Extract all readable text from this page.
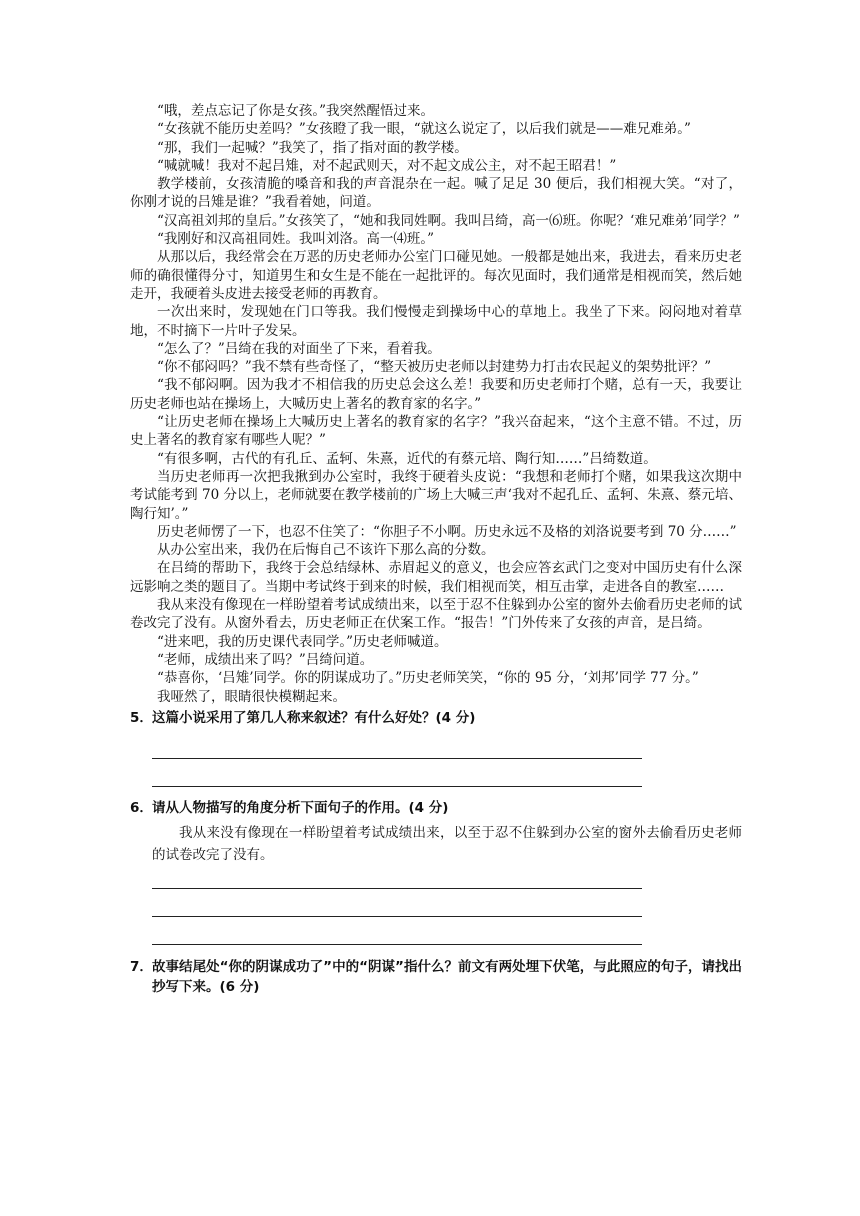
“哦，差点忘记了你是女孩。”我突然醒悟过来。

“女孩就不能历史差吗？”女孩瞪了我一眼，“就这么说定了，以后我们就是——难兄难弟。”

“那，我们一起喊？”我笑了，指了指对面的教学楼。

“喊就喊！我对不起吕雉，对不起武则天，对不起文成公主，对不起王昭君！”

教学楼前，女孩清脆的嗓音和我的声音混杂在一起。喊了足足 30 便后，我们相视大笑。“对了，你刚才说的吕雉是谁？”我看着她，问道。

“汉高祖刘邦的皇后。”女孩笑了，“她和我同姓啊。我叫吕绮，高一⑹班。你呢？‘难兄难弟’同学？”

“我刚好和汉高祖同姓。我叫刘洛。高一⑷班。”

从那以后，我经常会在万恶的历史老师办公室门口碰见她。一般都是她出来，我进去，看来历史老师的确很懂得分寸，知道男生和女生是不能在一起批评的。每次见面时，我们通常是相视而笑，然后她走开，我硬着头皮进去接受老师的再教育。

一次出来时，发现她在门口等我。我们慢慢走到操场中心的草地上。我坐了下来。闷闷地对着草地，不时摘下一片叶子发呆。

“怎么了？”吕绮在我的对面坐了下来，看着我。

“你不郁闷吗？”我不禁有些奇怪了，“整天被历史老师以封建势力打击农民起义的架势批评？”

“我不郁闷啊。因为我才不相信我的历史总会这么差！我要和历史老师打个赌，总有一天，我要让历史老师也站在操场上，大喊历史上著名的教育家的名字。”

“让历史老师在操场上大喊历史上著名的教育家的名字？”我兴奋起来，“这个主意不错。不过，历史上著名的教育家有哪些人呢？”

“有很多啊，古代的有孔丘、孟轲、朱熹，近代的有蔡元培、陶行知……”吕绮数道。

当历史老师再一次把我揪到办公室时，我终于硬着头皮说：“我想和老师打个赌，如果我这次期中考试能考到 70 分以上，老师就要在教学楼前的广场上大喊三声‘我对不起孔丘、孟轲、朱熹、蔡元培、陶行知’。”

历史老师愣了一下，也忍不住笑了：“你胆子不小啊。历史永远不及格的刘洛说要考到 70 分……”

从办公室出来，我仍在后悔自己不该许下那么高的分数。

在吕绮的帮助下，我终于会总结绿林、赤眉起义的意义，也会应答玄武门之变对中国历史有什么深远影响之类的题目了。当期中考试终于到来的时候，我们相视而笑，相互击掌，走进各自的教室……

我从来没有像现在一样盼望着考试成绩出来，以至于忍不住躲到办公室的窗外去偷看历史老师的试卷改完了没有。从窗外看去，历史老师正在伏案工作。“报告！”门外传来了女孩的声音，是吕绮。

“进来吧，我的历史课代表同学。”历史老师喊道。

“老师，成绩出来了吗？”吕绮问道。

“恭喜你，‘吕雉’同学。你的阴谋成功了。”历史老师笑笑，“你的 95 分，‘刘邦’同学 77 分。”

我哑然了，眼睛很快模糊起来。

5． 这篇小说采用了第几人称来叙述？有什么好处？(4 分)
6． 请从人物描写的角度分析下面句子的作用。(4 分)

我从来没有像现在一样盼望着考试成绩出来，以至于忍不住躲到办公室的窗外去偷看历史老师的试卷改完了没有。

7． 故事结尾处“你的阴谋成功了”中的“阴谋”指什么？前文有两处埋下伏笔，与此照应的句子，请找出抄写下来。(6 分)
